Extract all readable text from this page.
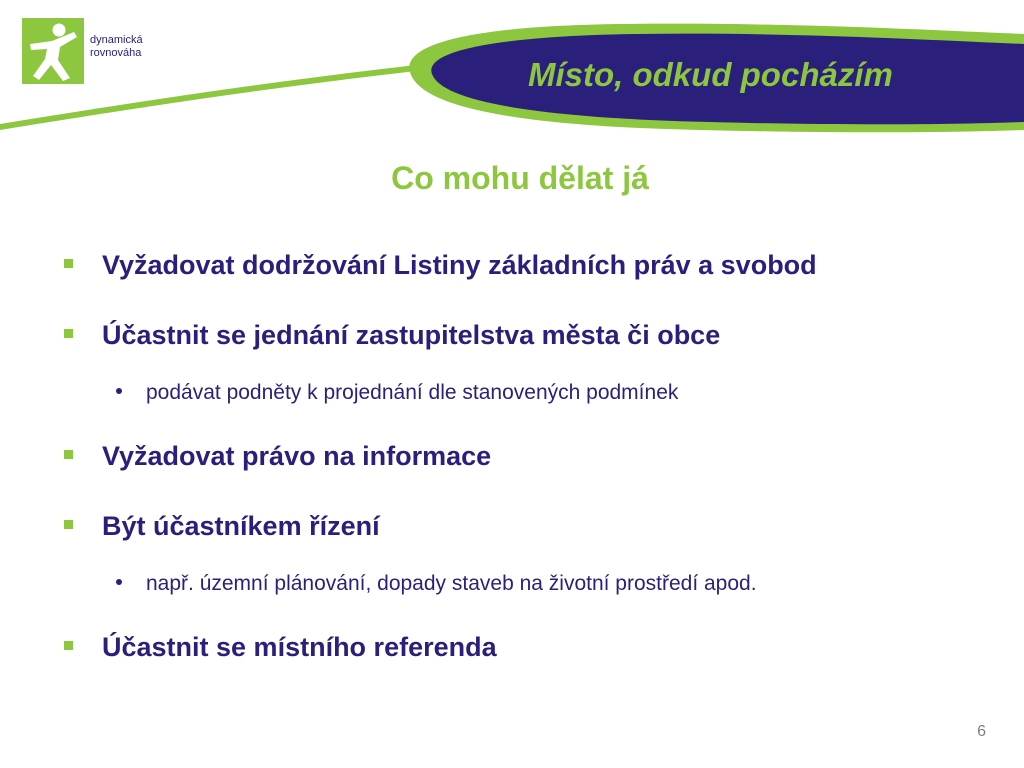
dynamická
rovnováha
Místo, odkud pocházím
Co mohu dělat já
Vyžadovat dodržování Listiny základních práv a svobod
Účastnit se jednání zastupitelstva města či obce
podávat podněty k projednání dle stanovených podmínek
Vyžadovat právo na informace
Být účastníkem řízení
např. územní plánování, dopady staveb na životní prostředí apod.
Účastnit se místního referenda
6
